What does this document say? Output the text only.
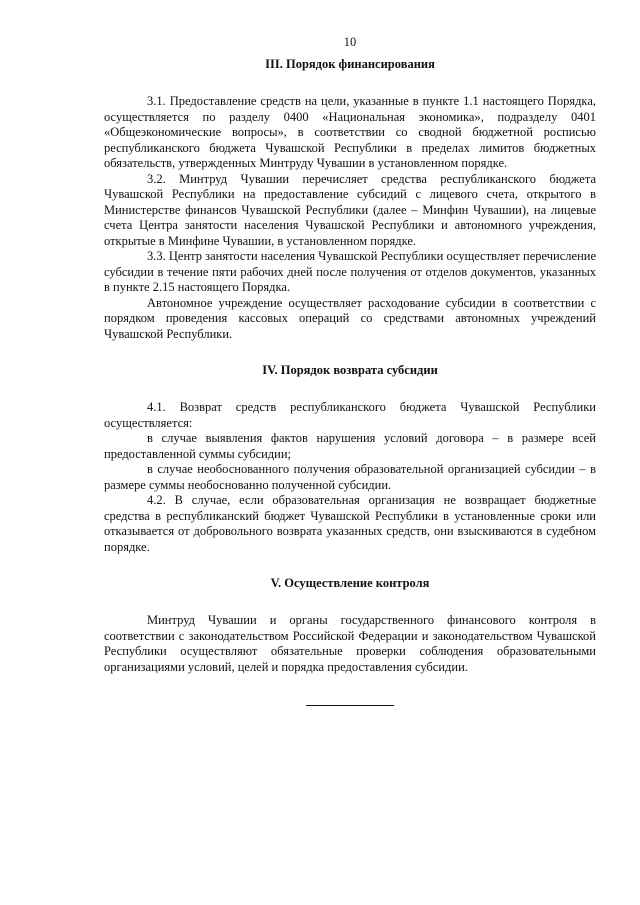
10
III. Порядок финансирования

3.1. Предоставление средств на цели, указанные в пункте 1.1 настоящего Порядка, осуществляется по разделу 0400 «Национальная экономика», подразделу 0401 «Общеэкономические вопросы», в соответствии со сводной бюджетной росписью республиканского бюджета Чувашской Республики в пределах лимитов бюджетных обязательств, утвержденных Минтруду Чувашии в установленном порядке.

3.2. Минтруд Чувашии перечисляет средства республиканского бюджета Чувашской Республики на предоставление субсидий с лицевого счета, открытого в Министерстве финансов Чувашской Республики (далее – Минфин Чувашии), на лицевые счета Центра занятости населения Чувашской Республики и автономного учреждения, открытые в Минфине Чувашии, в установленном порядке.

3.3. Центр занятости населения Чувашской Республики осуществляет перечисление субсидии в течение пяти рабочих дней после получения от отделов документов, указанных в пункте 2.15 настоящего Порядка.

Автономное учреждение осуществляет расходование субсидии в соответствии с порядком проведения кассовых операций со средствами автономных учреждений Чувашской Республики.

IV. Порядок возврата субсидии

4.1. Возврат средств республиканского бюджета Чувашской Республики осуществляется:

в случае выявления фактов нарушения условий договора – в размере всей предоставленной суммы субсидии;

в случае необоснованного получения образовательной организацией субсидии – в размере суммы необоснованно полученной субсидии.

4.2. В случае, если образовательная организация не возвращает бюджетные средства в республиканский бюджет Чувашской Республики в установленные сроки или отказывается от добровольного возврата указанных средств, они взыскиваются в судебном порядке.

V. Осуществление контроля

Минтруд Чувашии и органы государственного финансового контроля в соответствии с законодательством Российской Федерации и законодательством Чувашской Республики осуществляют обязательные проверки соблюдения образовательными организациями условий, целей и порядка предоставления субсидии.
